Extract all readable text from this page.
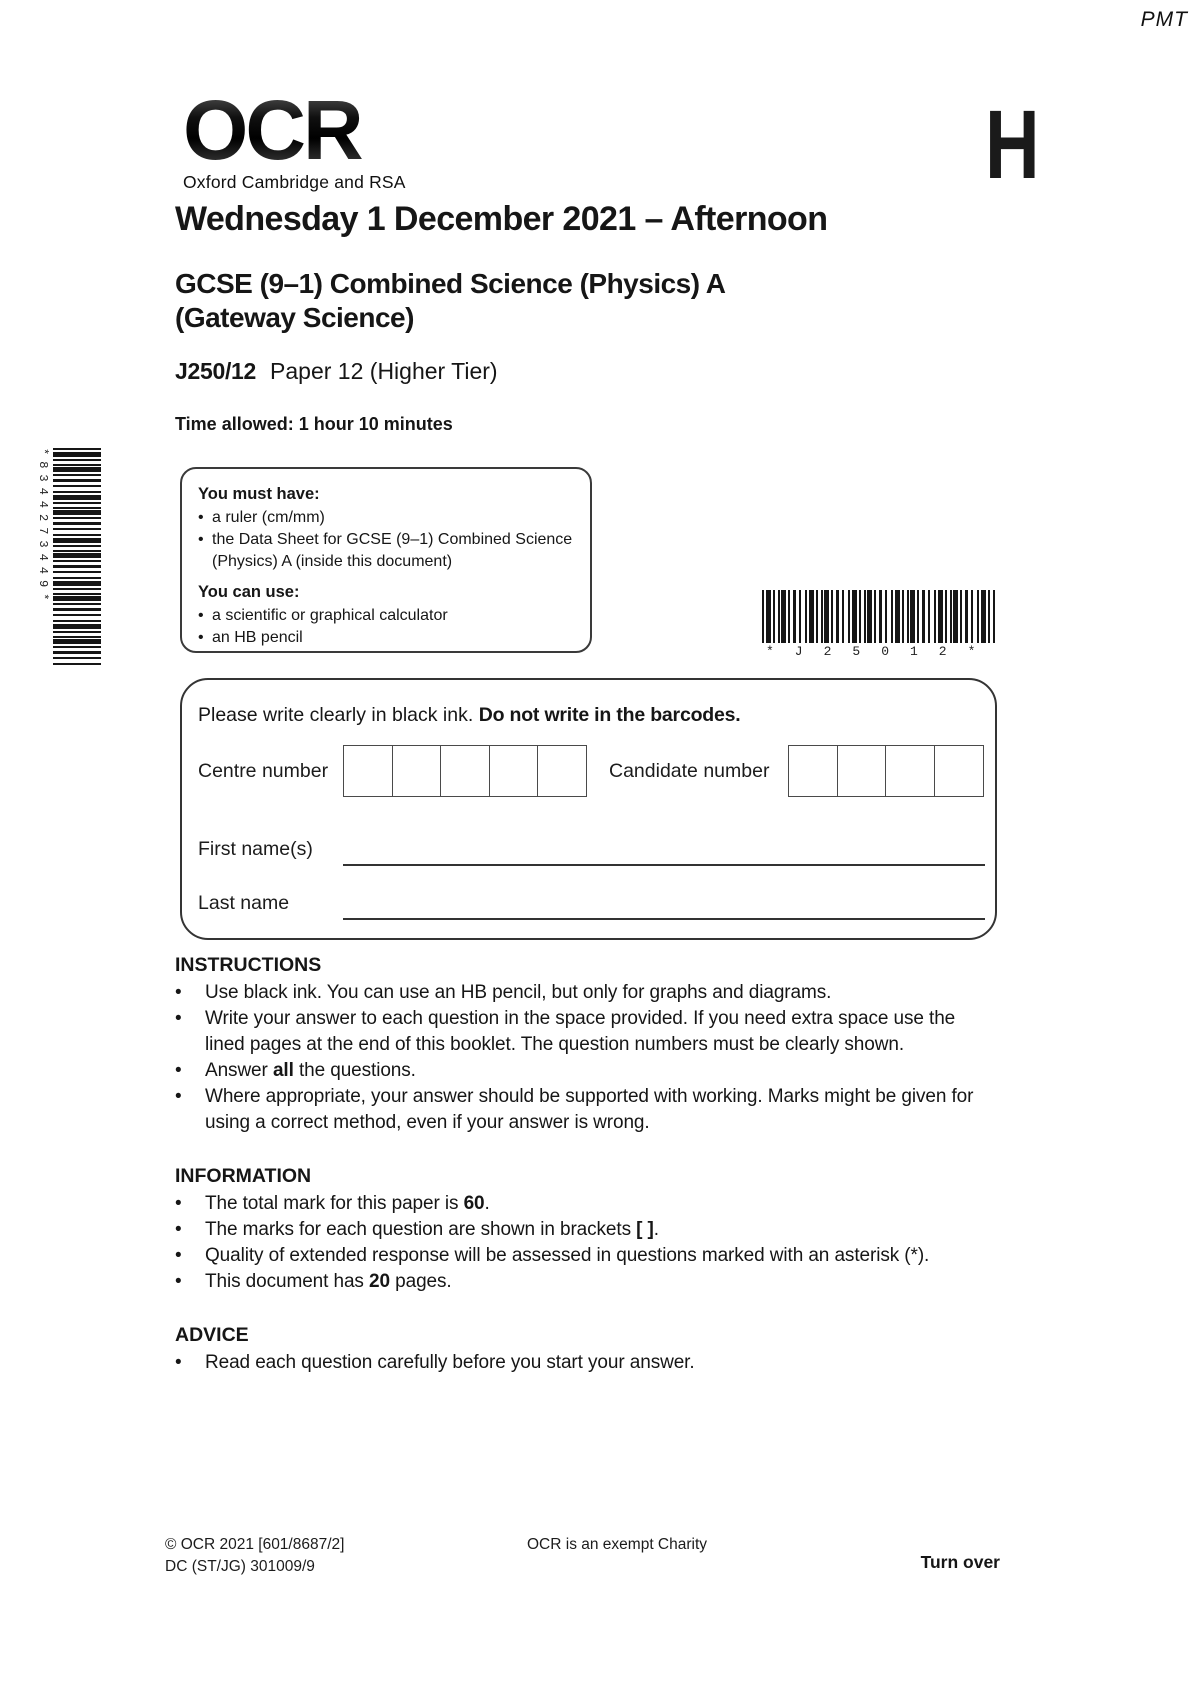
PMT
OCR
Oxford Cambridge and RSA	H
Wednesday 1 December 2021 – Afternoon
GCSE (9–1) Combined Science (Physics) A
(Gateway Science)
J250/12 Paper 12 (Higher Tier)
Time allowed: 1 hour 10 minutes
*8344273449*	You must have:
• a ruler (cm/mm)
• the Data Sheet for GCSE (9–1) Combined Science (Physics) A (inside this document)
You can use:
• a scientific or graphical calculator
• an HB pencil
*J25012*
Please write clearly in black ink. Do not write in the barcodes.
Centre number	Candidate number
First name(s)
Last name
INSTRUCTIONS
• Use black ink. You can use an HB pencil, but only for graphs and diagrams.
• Write your answer to each question in the space provided. If you need extra space use the lined pages at the end of this booklet. The question numbers must be clearly shown.
• Answer all the questions.
• Where appropriate, your answer should be supported with working. Marks might be given for using a correct method, even if your answer is wrong.
INFORMATION
• The total mark for this paper is 60.
• The marks for each question are shown in brackets [ ].
• Quality of extended response will be assessed in questions marked with an asterisk (*).
• This document has 20 pages.
ADVICE
• Read each question carefully before you start your answer.
© OCR 2021 [601/8687/2]
DC (ST/JG) 301009/9
OCR is an exempt Charity
Turn over
